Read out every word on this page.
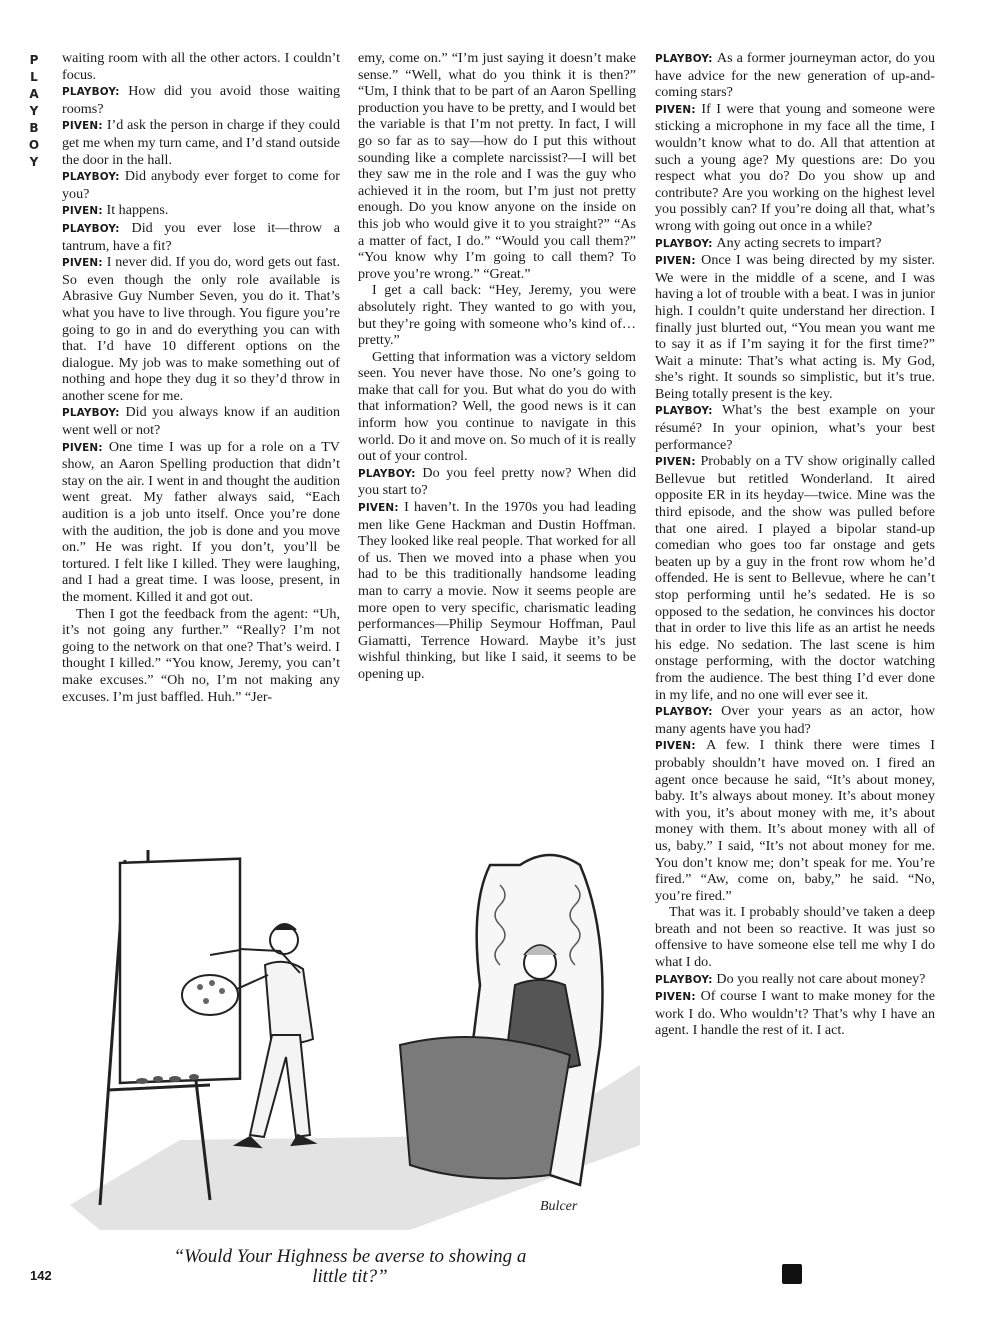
P
L
A
Y
B
O
Y

waiting room with all the other actors. I couldn’t focus.

PLAYBOY: How did you avoid those waiting rooms?

PIVEN: I’d ask the person in charge if they could get me when my turn came, and I’d stand outside the door in the hall.

PLAYBOY: Did anybody ever forget to come for you?

PIVEN: It happens.

PLAYBOY: Did you ever lose it—throw a tantrum, have a fit?

PIVEN: I never did. If you do, word gets out fast. So even though the only role available is Abrasive Guy Number Seven, you do it. That’s what you have to live through. You figure you’re going to go in and do everything you can with that. I’d have 10 different options on the dialogue. My job was to make something out of nothing and hope they dug it so they’d throw in another scene for me.

PLAYBOY: Did you always know if an audition went well or not?

PIVEN: One time I was up for a role on a TV show, an Aaron Spelling production that didn’t stay on the air. I went in and thought the audition went great. My father always said, “Each audition is a job unto itself. Once you’re done with the audition, the job is done and you move on.” He was right. If you don’t, you’ll be tortured. I felt like I killed. They were laughing, and I had a great time. I was loose, present, in the moment. Killed it and got out.

Then I got the feedback from the agent: “Uh, it’s not going any further.” “Really? I’m not going to the network on that one? That’s weird. I thought I killed.” “You know, Jeremy, you can’t make excuses.” “Oh no, I’m not making any excuses. I’m just baffled. Huh.” “Jer-

emy, come on.” “I’m just saying it doesn’t make sense.” “Well, what do you think it is then?” “Um, I think that to be part of an Aaron Spelling production you have to be pretty, and I would bet the variable is that I’m not pretty. In fact, I will go so far as to say—how do I put this without sounding like a complete narcissist?—I will bet they saw me in the role and I was the guy who achieved it in the room, but I’m just not pretty enough. Do you know anyone on the inside on this job who would give it to you straight?” “As a matter of fact, I do.” “Would you call them?” “You know why I’m going to call them? To prove you’re wrong.” “Great.”

I get a call back: “Hey, Jeremy, you were absolutely right. They wanted to go with you, but they’re going with someone who’s kind of…pretty.”

Getting that information was a victory seldom seen. You never have those. No one’s going to make that call for you. But what do you do with that information? Well, the good news is it can inform how you continue to navigate in this world. Do it and move on. So much of it is really out of your control.

PLAYBOY: Do you feel pretty now? When did you start to?

PIVEN: I haven’t. In the 1970s you had leading men like Gene Hackman and Dustin Hoffman. They looked like real people. That worked for all of us. Then we moved into a phase when you had to be this traditionally handsome leading man to carry a movie. Now it seems people are more open to very specific, charismatic leading performances—Philip Seymour Hoffman, Paul Giamatti, Terrence Howard. Maybe it’s just wishful thinking, but like I said, it seems to be opening up.

PLAYBOY: As a former journeyman actor, do you have advice for the new generation of up-and-coming stars?

PIVEN: If I were that young and someone were sticking a microphone in my face all the time, I wouldn’t know what to do. All that attention at such a young age? My questions are: Do you respect what you do? Do you show up and contribute? Are you working on the highest level you possibly can? If you’re doing all that, what’s wrong with going out once in a while?

PLAYBOY: Any acting secrets to impart?

PIVEN: Once I was being directed by my sister. We were in the middle of a scene, and I was having a lot of trouble with a beat. I was in junior high. I couldn’t quite understand her direction. I finally just blurted out, “You mean you want me to say it as if I’m saying it for the first time?” Wait a minute: That’s what acting is. My God, she’s right. It sounds so simplistic, but it’s true. Being totally present is the key.

PLAYBOY: What’s the best example on your résumé? In your opinion, what’s your best performance?

PIVEN: Probably on a TV show originally called Bellevue but retitled Wonderland. It aired opposite ER in its heyday—twice. Mine was the third episode, and the show was pulled before that one aired. I played a bipolar stand-up comedian who goes too far onstage and gets beaten up by a guy in the front row whom he’d offended. He is sent to Bellevue, where he can’t stop performing until he’s sedated. He is so opposed to the sedation, he convinces his doctor that in order to live this life as an artist he needs his edge. No sedation. The last scene is him onstage performing, with the doctor watching from the audience. The best thing I’d ever done in my life, and no one will ever see it.

PLAYBOY: Over your years as an actor, how many agents have you had?

PIVEN: A few. I think there were times I probably shouldn’t have moved on. I fired an agent once because he said, “It’s about money, baby. It’s always about money. It’s about money with you, it’s about money with me, it’s about money with them. It’s about money with all of us, baby.” I said, “It’s not about money for me. You don’t know me; don’t speak for me. You’re fired.” “Aw, come on, baby,” he said. “No, you’re fired.”

That was it. I probably should’ve taken a deep breath and not been so reactive. It was just so offensive to have someone else tell me why I do what I do.

PLAYBOY: Do you really not care about money?

PIVEN: Of course I want to make money for the work I do. Who wouldn’t? That’s why I have an agent. I handle the rest of it. I act.

Bulcer
“Would Your Highness be averse to showing a little tit?”
142
